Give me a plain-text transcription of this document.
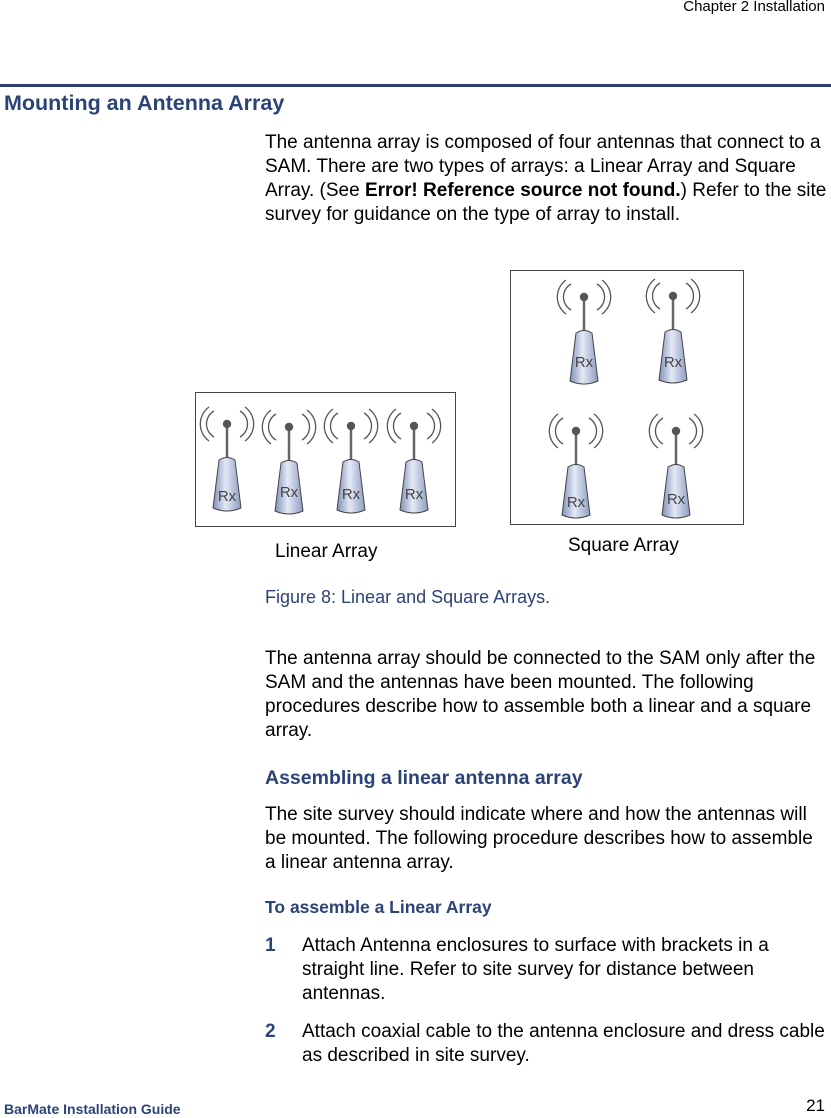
Chapter 2 Installation
Mounting an Antenna Array

The antenna array is composed of four antennas that connect to a SAM. There are two types of arrays: a Linear Array and Square Array. (See Error! Reference source not found.) Refer to the site survey for guidance on the type of array to install.

Rx	Rx	Rx	Rx
Rx	Rx
Rx	Rx
Linear Array	Square Array
Figure 8: Linear and Square Arrays.

The antenna array should be connected to the SAM only after the SAM and the antennas have been mounted. The following procedures describe how to assemble both a linear and a square array.

Assembling a linear antenna array

The site survey should indicate where and how the antennas will be mounted. The following procedure describes how to assemble a linear antenna array.

To assemble a Linear Array
1 Attach Antenna enclosures to surface with brackets in a straight line. Refer to site survey for distance between antennas.
2 Attach coaxial cable to the antenna enclosure and dress cable as described in site survey.
BarMate Installation Guide	21
